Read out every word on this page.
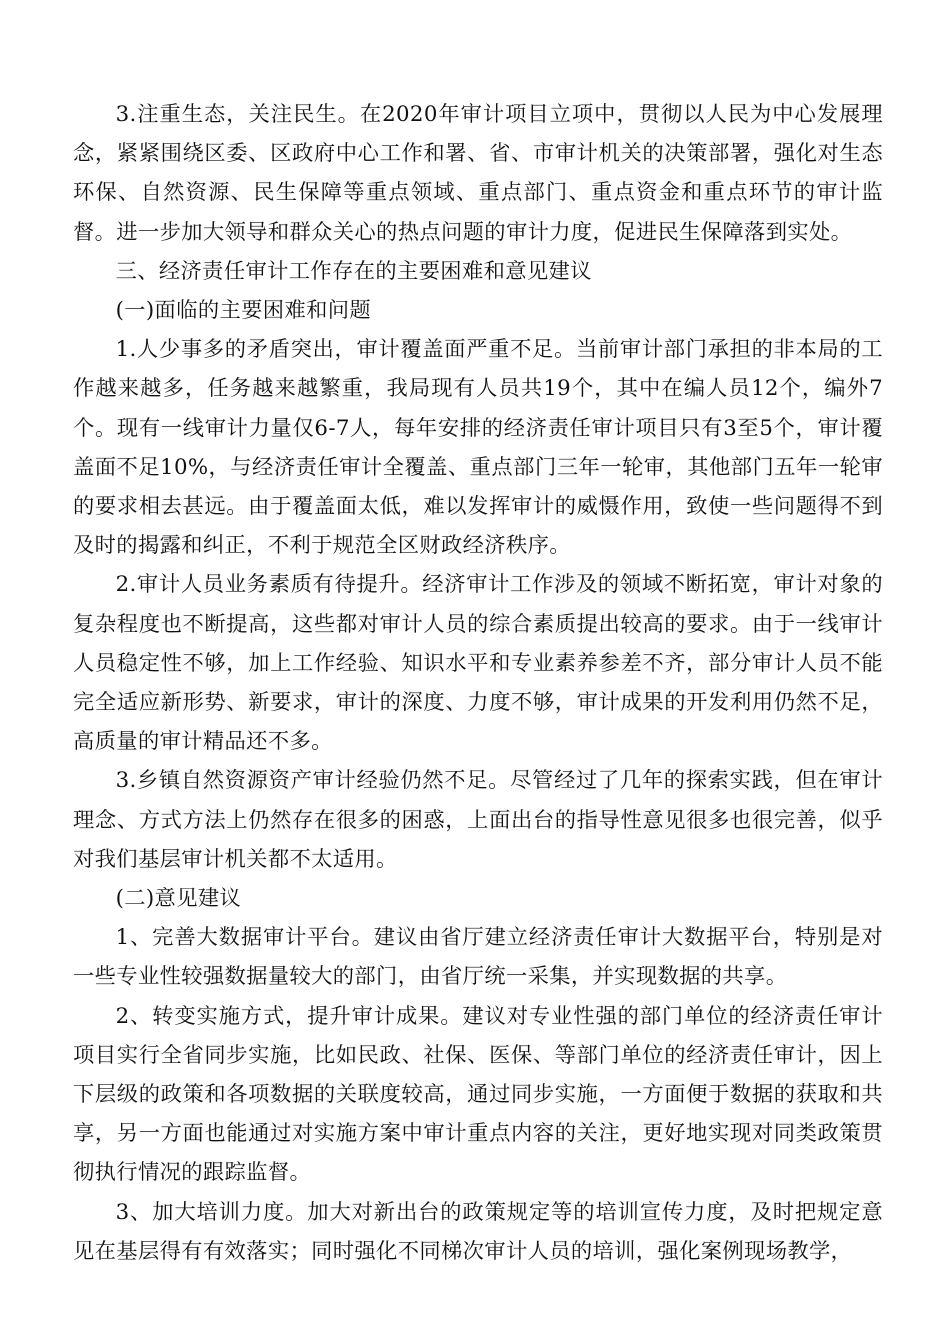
3.注重生态，关注民生。在2020年审计项目立项中，贯彻以人民为中心发展理念，紧紧围绕区委、区政府中心工作和署、省、市审计机关的决策部署，强化对生态环保、自然资源、民生保障等重点领域、重点部门、重点资金和重点环节的审计监督。进一步加大领导和群众关心的热点问题的审计力度，促进民生保障落到实处。

三、经济责任审计工作存在的主要困难和意见建议

(一)面临的主要困难和问题

1.人少事多的矛盾突出，审计覆盖面严重不足。当前审计部门承担的非本局的工作越来越多，任务越来越繁重，我局现有人员共19个，其中在编人员12个，编外7个。现有一线审计力量仅6-7人，每年安排的经济责任审计项目只有3至5个，审计覆盖面不足10%，与经济责任审计全覆盖、重点部门三年一轮审，其他部门五年一轮审的要求相去甚远。由于覆盖面太低，难以发挥审计的威慑作用，致使一些问题得不到及时的揭露和纠正，不利于规范全区财政经济秩序。

2.审计人员业务素质有待提升。经济审计工作涉及的领域不断拓宽，审计对象的复杂程度也不断提高，这些都对审计人员的综合素质提出较高的要求。由于一线审计人员稳定性不够，加上工作经验、知识水平和专业素养参差不齐，部分审计人员不能完全适应新形势、新要求，审计的深度、力度不够，审计成果的开发利用仍然不足，高质量的审计精品还不多。

3.乡镇自然资源资产审计经验仍然不足。尽管经过了几年的探索实践，但在审计理念、方式方法上仍然存在很多的困惑，上面出台的指导性意见很多也很完善，似乎对我们基层审计机关都不太适用。

(二)意见建议

1、完善大数据审计平台。建议由省厅建立经济责任审计大数据平台，特别是对一些专业性较强数据量较大的部门，由省厅统一采集，并实现数据的共享。

2、转变实施方式，提升审计成果。建议对专业性强的部门单位的经济责任审计项目实行全省同步实施，比如民政、社保、医保、等部门单位的经济责任审计，因上下层级的政策和各项数据的关联度较高，通过同步实施，一方面便于数据的获取和共享，另一方面也能通过对实施方案中审计重点内容的关注，更好地实现对同类政策贯彻执行情况的跟踪监督。

3、加大培训力度。加大对新出台的政策规定等的培训宣传力度，及时把规定意见在基层得有有效落实；同时强化不同梯次审计人员的培训，强化案例现场教学，
